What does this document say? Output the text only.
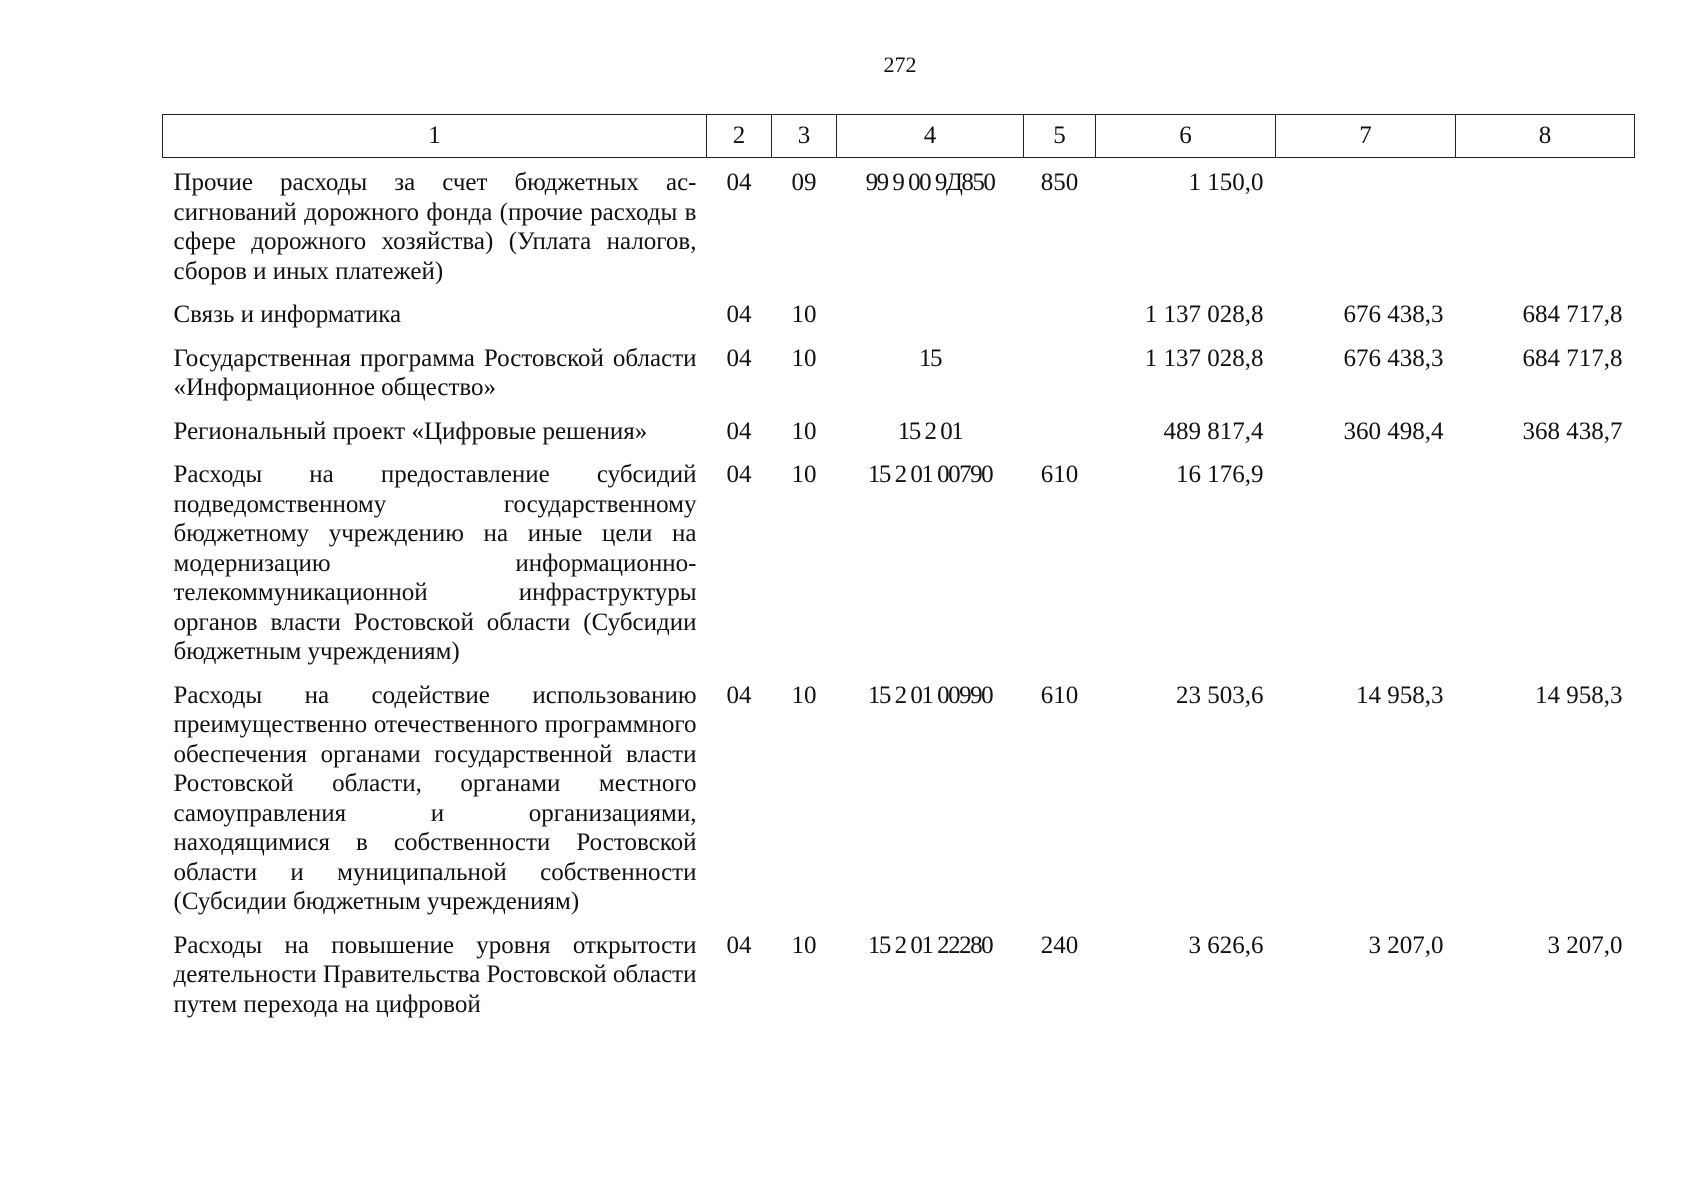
272
1	2	3	4	5	6	7	8
Прочие расходы за счет бюджетных ассигнований дорожного фонда (прочие расходы в сфере дорожного хозяйства) (Уплата налогов, сборов и иных платежей)	04	09	99 9 00 9Д850	850	1 150,0		
Связь и информатика	04	10			1 137 028,8	676 438,3	684 717,8
Государственная программа Ростовской области «Информационное общество»	04	10	15		1 137 028,8	676 438,3	684 717,8
Региональный проект «Цифровые решения»	04	10	15 2 01		489 817,4	360 498,4	368 438,7
Расходы на предоставление субсидий подведомственному государственному бюджетному учреждению на иные цели на модернизацию информационно-телекоммуникационной инфраструктуры органов власти Ростовской области (Субсидии бюджетным учреждениям)	04	10	15 2 01 00790	610	16 176,9		
Расходы на содействие использованию преимущественно отечественного программного обеспечения органами государственной власти Ростовской области, органами местного самоуправления и организациями, находящимися в собственности Ростовской области и муниципальной собственности (Субсидии бюджетным учреждениям)	04	10	15 2 01 00990	610	23 503,6	14 958,3	14 958,3
Расходы на повышение уровня открытости деятельности Правительства Ростовской области путем перехода на цифровой	04	10	15 2 01 22280	240	3 626,6	3 207,0	3 207,0
